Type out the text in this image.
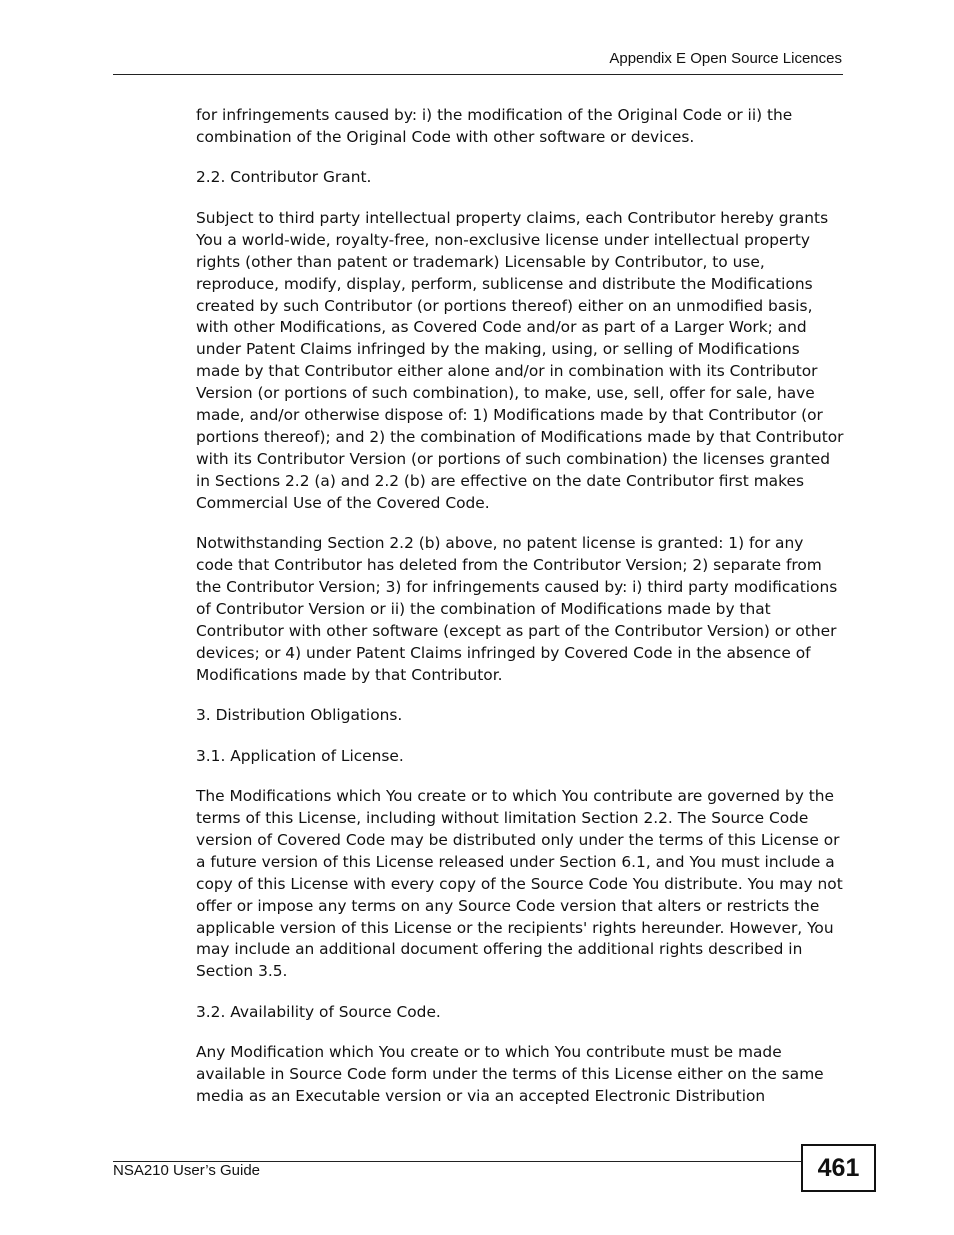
Appendix E Open Source Licences

for infringements caused by: i) the modification of the Original Code or ii) the combination of the Original Code with other software or devices.

2.2. Contributor Grant.

Subject to third party intellectual property claims, each Contributor hereby grants You a world-wide, royalty-free, non-exclusive license under intellectual property rights (other than patent or trademark) Licensable by Contributor, to use, reproduce, modify, display, perform, sublicense and distribute the Modifications created by such Contributor (or portions thereof) either on an unmodified basis, with other Modifications, as Covered Code and/or as part of a Larger Work; and under Patent Claims infringed by the making, using, or selling of Modifications made by that Contributor either alone and/or in combination with its Contributor Version (or portions of such combination), to make, use, sell, offer for sale, have made, and/or otherwise dispose of: 1) Modifications made by that Contributor (or portions thereof); and 2) the combination of Modifications made by that Contributor with its Contributor Version (or portions of such combination) the licenses granted in Sections 2.2 (a) and 2.2 (b) are effective on the date Contributor first makes Commercial Use of the Covered Code.

Notwithstanding Section 2.2 (b) above, no patent license is granted: 1) for any code that Contributor has deleted from the Contributor Version; 2) separate from the Contributor Version; 3) for infringements caused by: i) third party modifications of Contributor Version or ii) the combination of Modifications made by that Contributor with other software (except as part of the Contributor Version) or other devices; or 4) under Patent Claims infringed by Covered Code in the absence of Modifications made by that Contributor.

3. Distribution Obligations.

3.1. Application of License.

The Modifications which You create or to which You contribute are governed by the terms of this License, including without limitation Section 2.2. The Source Code version of Covered Code may be distributed only under the terms of this License or a future version of this License released under Section 6.1, and You must include a copy of this License with every copy of the Source Code You distribute. You may not offer or impose any terms on any Source Code version that alters or restricts the applicable version of this License or the recipients' rights hereunder. However, You may include an additional document offering the additional rights described in Section 3.5.

3.2. Availability of Source Code.

Any Modification which You create or to which You contribute must be made available in Source Code form under the terms of this License either on the same media as an Executable version or via an accepted Electronic Distribution

NSA210 User’s Guide	461
